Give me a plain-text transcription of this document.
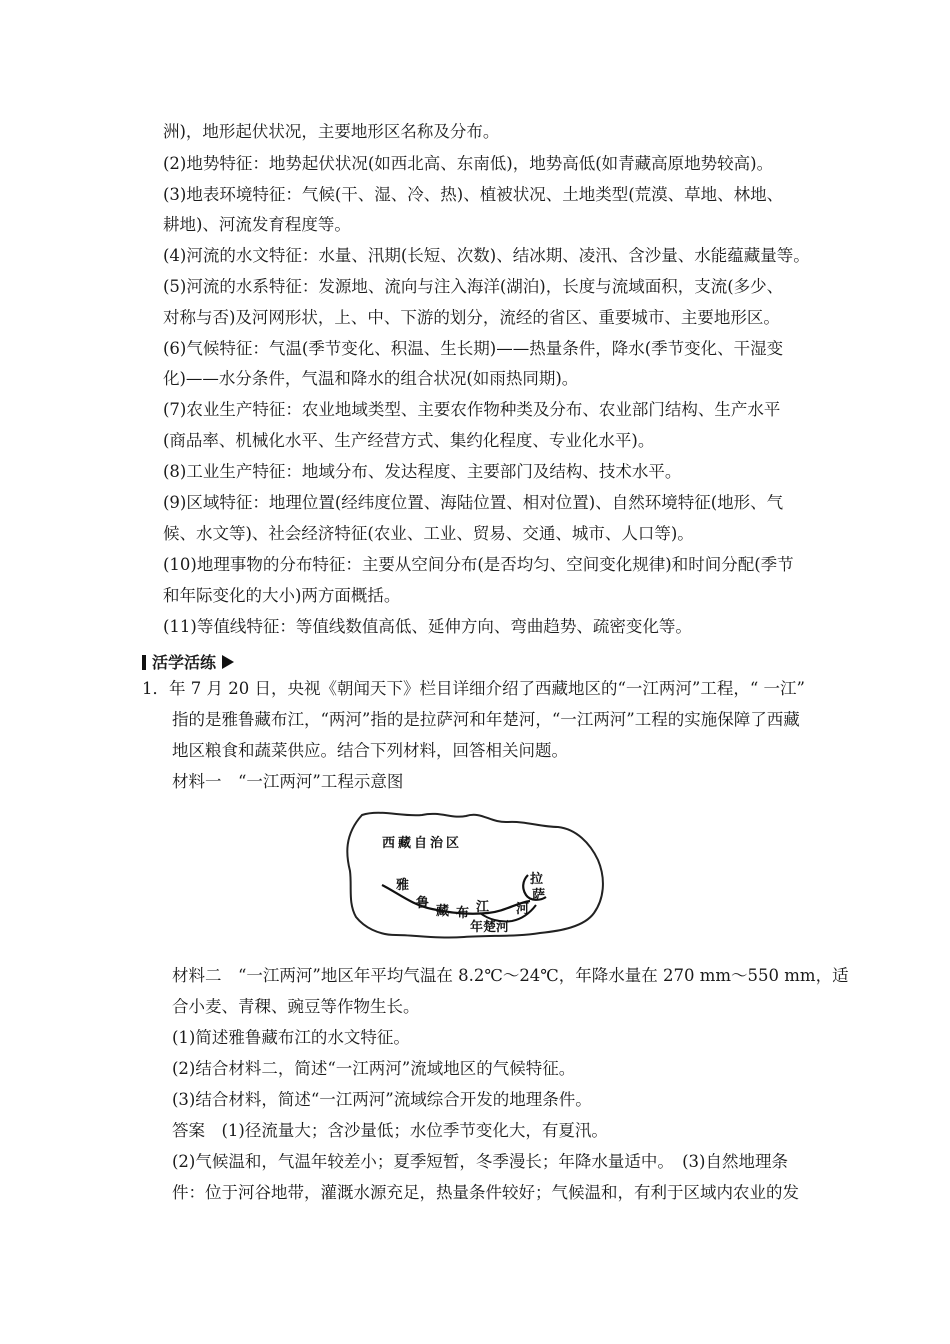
洲)，地形起伏状况，主要地形区名称及分布。
(2)地势特征：地势起伏状况(如西北高、东南低)，地势高低(如青藏高原地势较高)。
(3)地表环境特征：气候(干、湿、冷、热)、植被状况、土地类型(荒漠、草地、林地、
耕地)、河流发育程度等。
(4)河流的水文特征：水量、汛期(长短、次数)、结冰期、凌汛、含沙量、水能蕴藏量等。
(5)河流的水系特征：发源地、流向与注入海洋(湖泊)，长度与流域面积，支流(多少、
对称与否)及河网形状，上、中、下游的划分，流经的省区、重要城市、主要地形区。
(6)气候特征：气温(季节变化、积温、生长期)——热量条件，降水(季节变化、干湿变
化)——水分条件，气温和降水的组合状况(如雨热同期)。
(7)农业生产特征：农业地域类型、主要农作物种类及分布、农业部门结构、生产水平
(商品率、机械化水平、生产经营方式、集约化程度、专业化水平)。
(8)工业生产特征：地域分布、发达程度、主要部门及结构、技术水平。
(9)区域特征：地理位置(经纬度位置、海陆位置、相对位置)、自然环境特征(地形、气
候、水文等)、社会经济特征(农业、工业、贸易、交通、城市、人口等)。
(10)地理事物的分布特征：主要从空间分布(是否均匀、空间变化规律)和时间分配(季节
和年际变化的大小)两方面概括。
(11)等值线特征：等值线数值高低、延伸方向、弯曲趋势、疏密变化等。
活学活练
1．年 7 月 20 日，央视《朝闻天下》栏目详细介绍了西藏地区的“一江两河”工程，“ 一江”
指的是雅鲁藏布江，“两河”指的是拉萨河和年楚河，“一江两河”工程的实施保障了西藏
地区粮食和蔬菜供应。结合下列材料，回答相关问题。
材料一　“一江两河”工程示意图
西藏自治区
雅
鲁
藏 布 江
拉
萨
河
年楚河
材料二　“一江两河”地区年平均气温在 8.2℃～24℃，年降水量在 270 mm～550 mm，适
合小麦、青稞、豌豆等作物生长。
(1)简述雅鲁藏布江的水文特征。
(2)结合材料二，简述“一江两河”流域地区的气候特征。
(3)结合材料，简述“一江两河”流域综合开发的地理条件。
答案　(1)径流量大；含沙量低；水位季节变化大，有夏汛。
(2)气候温和，气温年较差小；夏季短暂，冬季漫长；年降水量适中。　(3)自然地理条
件：位于河谷地带，灌溉水源充足，热量条件较好；气候温和，有利于区域内农业的发
